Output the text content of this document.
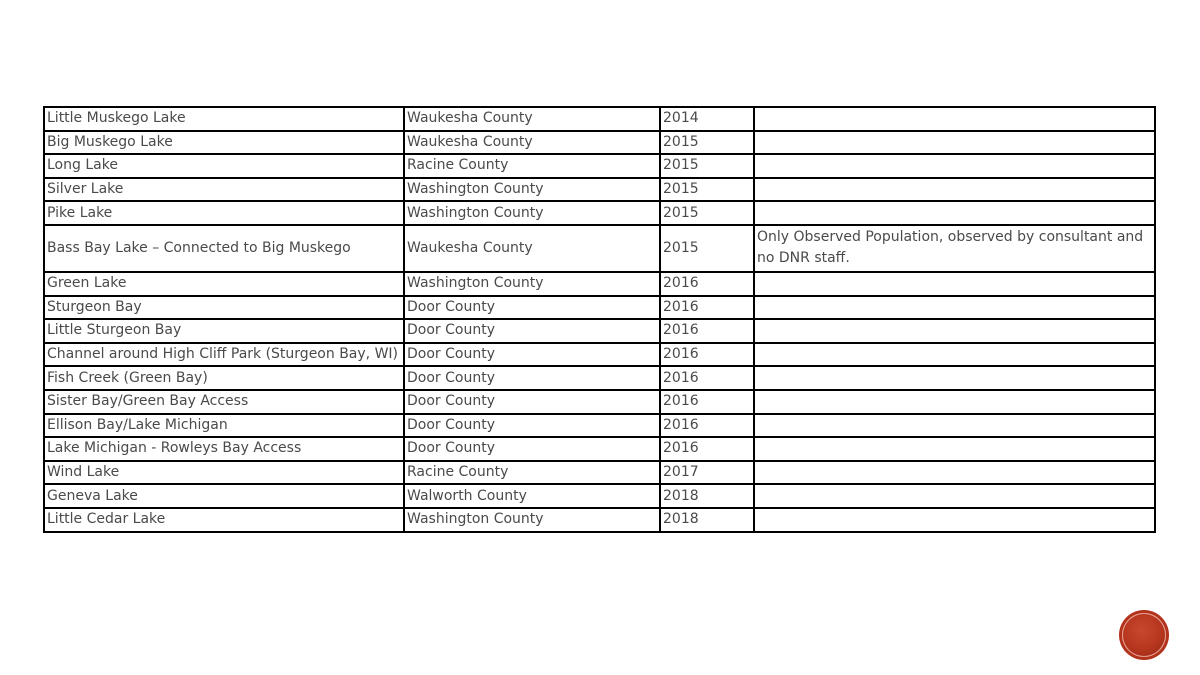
Little Muskego Lake	Waukesha County	2014	
Big Muskego Lake	Waukesha County	2015	
Long Lake	Racine County	2015	
Silver Lake	Washington County	2015	
Pike Lake	Washington County	2015	
Bass Bay Lake – Connected to Big Muskego	Waukesha County	2015	Only Observed Population, observed by consultant and no DNR staff.
Green Lake	Washington County	2016	
Sturgeon Bay	Door County	2016	
Little Sturgeon Bay	Door County	2016	
Channel around High Cliff Park (Sturgeon Bay, WI)	Door County	2016	
Fish Creek (Green Bay)	Door County	2016	
Sister Bay/Green Bay Access	Door County	2016	
Ellison Bay/Lake Michigan	Door County	2016	
Lake Michigan - Rowleys Bay Access	Door County	2016	
Wind Lake	Racine County	2017	
Geneva Lake	Walworth County	2018	
Little Cedar Lake	Washington County	2018	
